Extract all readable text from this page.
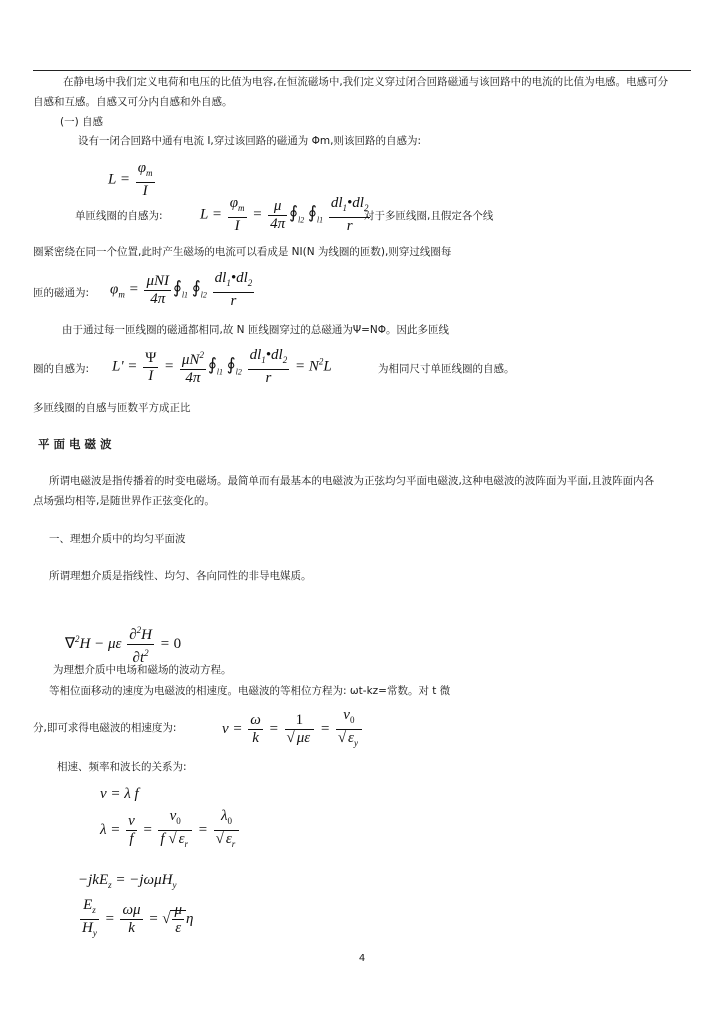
在静电场中我们定义电荷和电压的比值为电容,在恒流磁场中,我们定义穿过闭合回路磁通与该回路中的电流的比值为电感。电感可分
自感和互感。自感又可分内自感和外自感。
(一) 自感
设有一闭合回路中通有电流 I,穿过该回路的磁通为 Φm,则该回路的自感为:
$L = \frac{\varphi_m}{I}$
单匝线圈的自感为: $L = \frac{\varphi_m}{I} = \frac{\mu}{4\pi}$ $∮_{l2}$ $∮_{l1} \frac{dl_1•dl_2}{r}$
对于多匝线圈,且假定各个线
圈紧密绕在同一个位置,此时产生磁场的电流可以看成是 NI(N 为线圈的匝数),则穿过线圈每
匝的磁通为: $\varphi_m$ =
μNI
4π
$∮_{l1}$ $∮_{l2} \frac{dl_1•dl_2}{r}$
由于通过每一匝线圈的磁通都相同,故 N 匝线圈穿过的总磁通为Ψ=NΦ。因此多匝线
圈的自感为: $L' = \frac{\Psi}{I} = \frac{\mu N^2}{4\pi}$ $∮_{l1}$ $∮_{l2} \frac{dl_1•dl_2}{r} = N^2L$	为相同尺寸单匝线圈的自感。
多匝线圈的自感与匝数平方成正比
平面电磁波
所谓电磁波是指传播着的时变电磁场。最简单而有最基本的电磁波为正弦均匀平面电磁波,这种电磁波的波阵面为平面,且波阵面内各
点场强均相等,是随世界作正弦变化的。
一、理想介质中的均匀平面波
所谓理想介质是指线性、均匀、各向同性的非导电媒质。
∇$^2$H − με $\frac{\partial^2H}{\partial t^2} = 0$
为理想介质中电场和磁场的波动方程。
等相位面移动的速度为电磁波的相速度。电磁波的等相位方程为: ωt-kz=常数。对 t 微
分,即可求得电磁波的相速度为:	$v = \frac{\omega}{k} = \frac{1}{√ \mu\varepsilon} = \frac{v_0}{√ \varepsilon_y}$
相速、频率和波长的关系为:
v = λ f
$\lambda = \frac{v}{f} = \frac{v_0}{f √ \varepsilon_r} = \frac{\lambda_0}{√ \varepsilon_r}$
−jkE$_z$ = −jωμH$_y$
$\frac{E_z}{H_y} = \frac{\omega\mu}{k}$ = √ $\frac{\mu}{\varepsilon}$ η
4
